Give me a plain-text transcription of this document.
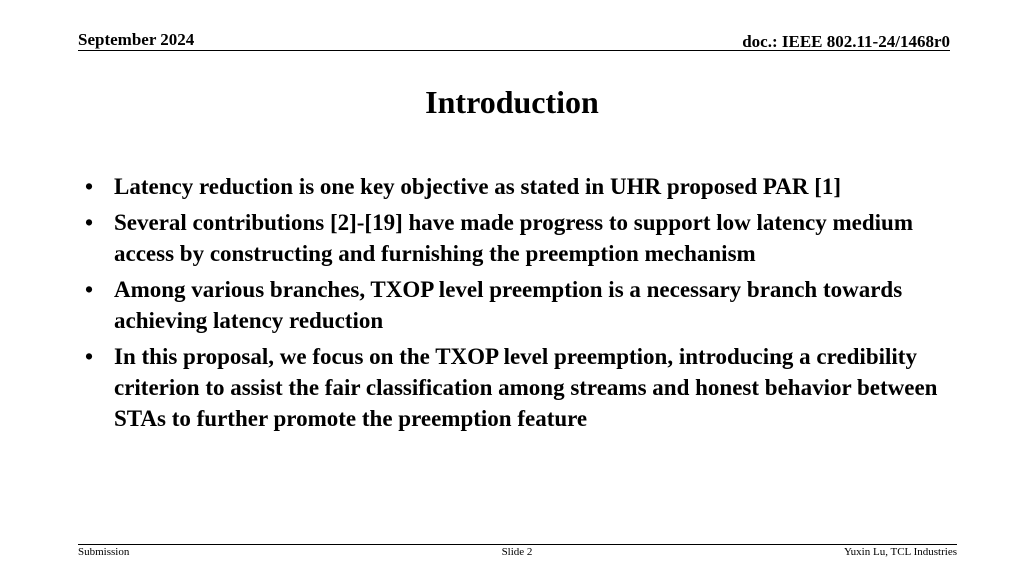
September 2024	doc.: IEEE 802.11-24/1468r0
Introduction
• Latency reduction is one key objective as stated in UHR proposed PAR [1]
• Several contributions [2]-[19] have made progress to support low latency medium access by constructing and furnishing the preemption mechanism
• Among various branches, TXOP level preemption is a necessary branch towards achieving latency reduction
• In this proposal, we focus on the TXOP level preemption, introducing a credibility criterion to assist the fair classification among streams and honest behavior between STAs to further promote the preemption feature
Submission	Slide 2	Yuxin Lu, TCL Industries
